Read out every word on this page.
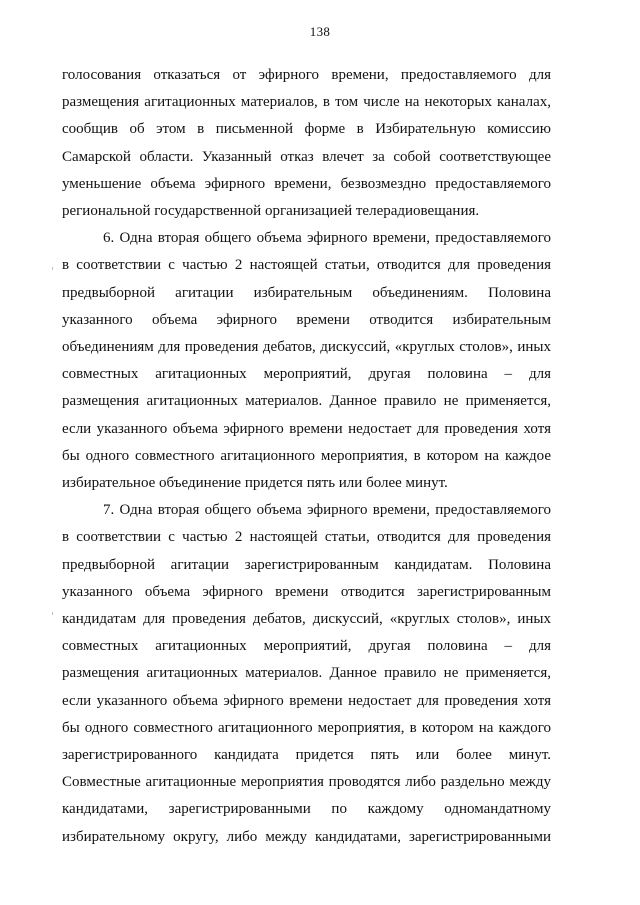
138

голосования отказаться от эфирного времени, предоставляемого для размещения агитационных материалов, в том числе на некоторых каналах, сообщив об этом в письменной форме в Избирательную комиссию Самарской области. Указанный отказ влечет за собой соответствующее уменьшение объема эфирного времени, безвозмездно предоставляемого региональной государственной организацией телерадиовещания.

6. Одна вторая общего объема эфирного времени, предоставляемого в соответствии с частью 2 настоящей статьи, отводится для проведения предвыборной агитации избирательным объединениям. Половина указанного объема эфирного времени отводится избирательным объединениям для проведения дебатов, дискуссий, «круглых столов», иных совместных агитационных мероприятий, другая половина – для размещения агитационных материалов. Данное правило не применяется, если указанного объема эфирного времени недостает для проведения хотя бы одного совместного агитационного мероприятия, в котором на каждое избирательное объединение придется пять или более минут.

7. Одна вторая общего объема эфирного времени, предоставляемого в соответствии с частью 2 настоящей статьи, отводится для проведения предвыборной агитации зарегистрированным кандидатам. Половина указанного объема эфирного времени отводится зарегистрированным кандидатам для проведения дебатов, дискуссий, «круглых столов», иных совместных агитационных мероприятий, другая половина – для размещения агитационных материалов. Данное правило не применяется, если указанного объема эфирного времени недостает для проведения хотя бы одного совместного агитационного мероприятия, в котором на каждого зарегистрированного кандидата придется пять или более минут. Совместные агитационные мероприятия проводятся либо раздельно между кандидатами, зарегистрированными по каждому одномандатному избирательному округу, либо между кандидатами, зарегистрированными
